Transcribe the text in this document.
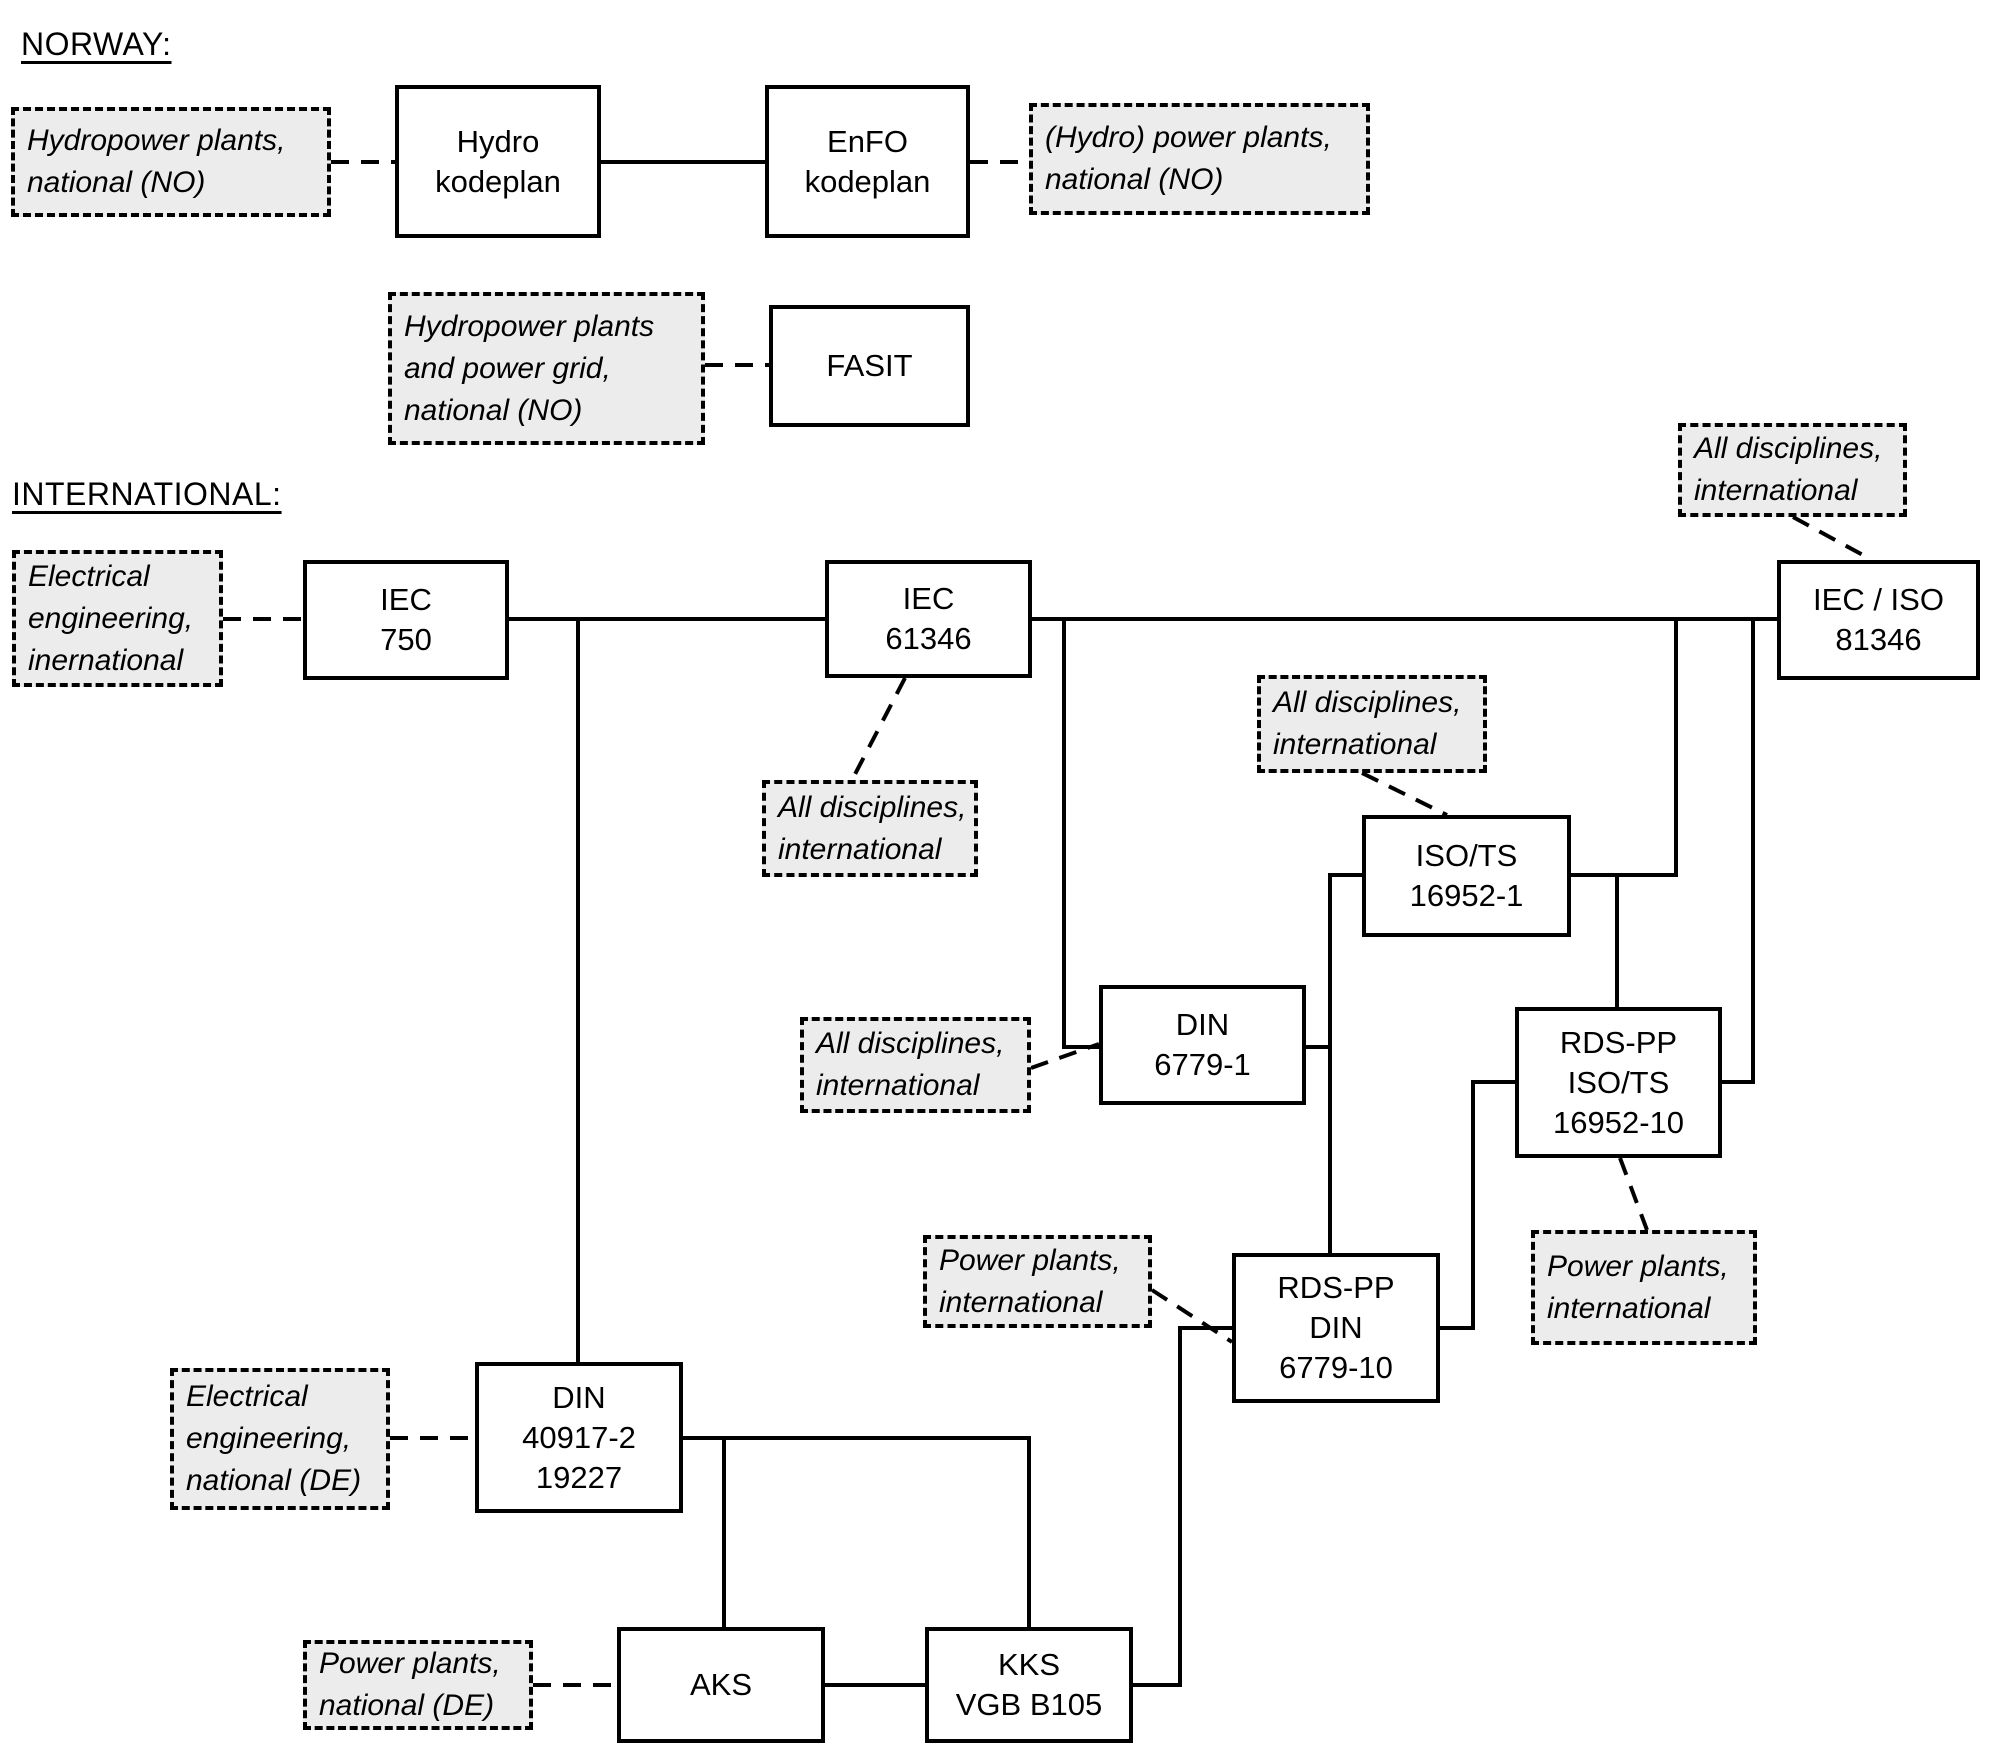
NORWAY:
INTERNATIONAL:
Hydro
kodeplan
EnFO
kodeplan
FASIT
IEC
750
IEC
61346
IEC / ISO
81346
ISO/TS
16952-1
DIN
6779-1
RDS-PP
ISO/TS
16952-10
RDS-PP
DIN
6779-10
DIN
40917-2
19227
AKS
KKS
VGB B105
Hydropower plants,
national (NO)
(Hydro) power plants,
national (NO)
Hydropower plants
and power grid,
national (NO)
Electrical
engineering,
inernational
All disciplines,
international
All disciplines,
international
All disciplines,
international
All disciplines,
international
Power plants,
international
Power plants,
international
Electrical
engineering,
national (DE)
Power plants,
national (DE)
